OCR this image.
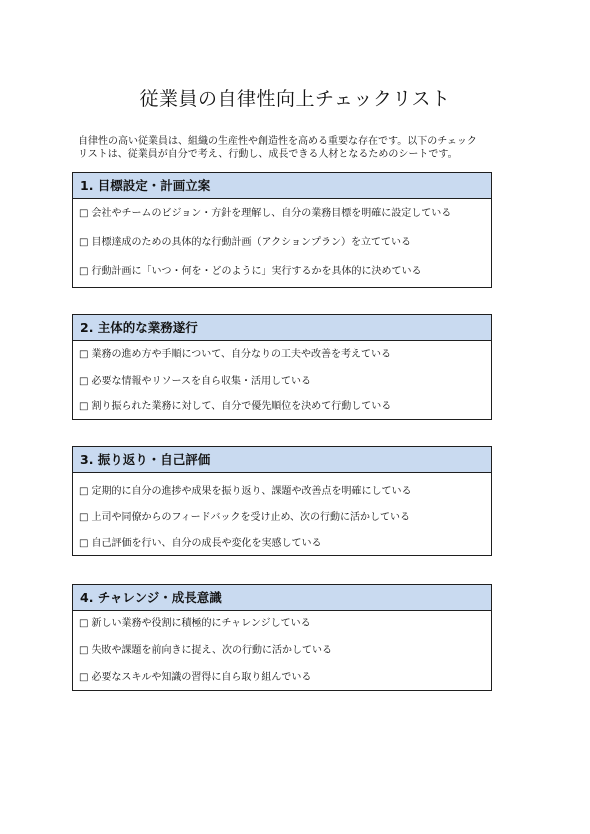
従業員の自律性向上チェックリスト

自律性の高い従業員は、組織の生産性や創造性を高める重要な存在です。以下のチェック
リストは、従業員が自分で考え、行動し、成長できる人材となるためのシートです。

1. 目標設定・計画立案
□ 会社やチームのビジョン・方針を理解し、自分の業務目標を明確に設定している
□ 目標達成のための具体的な行動計画（アクションプラン）を立てている
□ 行動計画に「いつ・何を・どのように」実行するかを具体的に決めている
2. 主体的な業務遂行
□ 業務の進め方や手順について、自分なりの工夫や改善を考えている
□ 必要な情報やリソースを自ら収集・活用している
□ 割り振られた業務に対して、自分で優先順位を決めて行動している
3. 振り返り・自己評価
□ 定期的に自分の進捗や成果を振り返り、課題や改善点を明確にしている
□ 上司や同僚からのフィードバックを受け止め、次の行動に活かしている
□ 自己評価を行い、自分の成長や変化を実感している
4. チャレンジ・成長意識
□ 新しい業務や役割に積極的にチャレンジしている
□ 失敗や課題を前向きに捉え、次の行動に活かしている
□ 必要なスキルや知識の習得に自ら取り組んでいる
